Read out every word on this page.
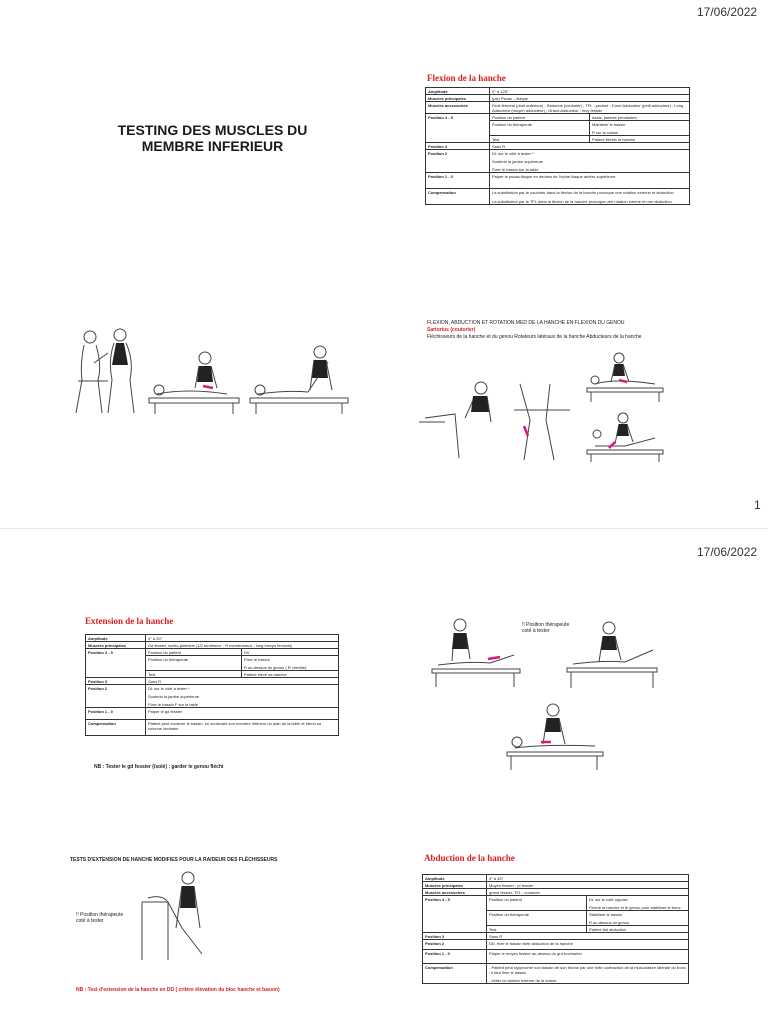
17/06/2022
TESTING DES MUSCLES DU
MEMBRE INFERIEUR
Flexion de la hanche
Amplitude	0° à 125°	
Muscles principales	(psl) Psoas – iliaque	
Muscles accessoires	Droit fémoral (droit antérieur) ; Sartorius (couturier) ; TFL ; pectiné ; Court Adducteur (petit adducteur) ; Long Adducteur (moyen adducteur) ; Grand Adducteur ; moy fessier	
Position 4 - 5	Position du patient	Assis, jambes pendantes,
	Position du thérapeute	Maintenir le bassin
R sur la cuisse

	Test	Patient fléchis la hanche
Position 3	Sans R	
Position 2	DL sur le côté à tester *
Soutenir la jambe supérieure
Fixer le bassin sur la table	

Position 1 - 0	Palper le psoas iliaque en dedans de l'épine iliaque antéro-supérieure	
Compensation	La substitution par le couturier dans la flexion de la hanche provoque une rotation externe et abduction
La substitution par le TFL dans la flexion de la hanche provoque une rotation interne et une abduction	
FLEXION, ABDUCTION ET ROTATION MED DE LA HANCHE EN FLEXION DU GENOU
Sartorius (couturier)
Fléchisseurs de la hanche et du genou Rotateurs latéraux de la hanche Abducteurs de la hanche
1
17/06/2022
Extension de la hanche
Amplitude	0° à 20°	
Muscles principales	Gd fessier, ischio-jambiers (1/2 tendineux ; ½ membraneux ; long biceps fémoral)	
Position 4 - 5	Position du patient	DV
	Position du thérapeute	Fixer le bassin
R au-dessus du genou ( R cheville)

	Test	Patient élevé sa hanche
Position 3	Sans R	
Position 2	DL sur le côté à tester *
Soutenir la jambe supérieure
Fixer le bassin F sur la table	

Position 1 - 0	Palper le gd fessier	
Compensation	Patient peut soulever le bassin, en soulevant son membre inférieur du plan de la table et étend sa colonne lombaire	
NB : Tester le gd fessier (isolé) : garder le genou fléchi
!! Position thérapeute coté à tester
TESTS D'EXTENSION DE HANCHE MODIFIES POUR LA RAIDEUR DES FLÉCHISSEURS
!! Position thérapeute coté à tester
NB : Test d'extension de la hanche en DD ( critère élévation du bloc hanche et bassin)
Abduction de la hanche
Amplitude	0° à 45°	
Muscles principales	Moyen fessier ; pt fessier	
Muscles accessoires	grand fessier, TFL ; couturier	
Position 4 - 5	Position du patient	DL sur le coté opposé
Fléchir la hanche et le genou pour stabiliser le tronc

	Position du thérapeute	Stabiliser le bassin
R au-dessus du genou

	Test	Patient fait abduction
Position 3	Sans R	
Position 2	DD, fixer le bassin faire abduction de la hanche	
Position 1 - 0	Palper le moyen fessier au-dessus du grd trochanter	
Compensation	- Patient peut rapprocher son bassin de son thorax par une forte contraction de la musculature latérale du tronc : il faut fixer le bassin
- éviter la rotation externe de la cuisse	
